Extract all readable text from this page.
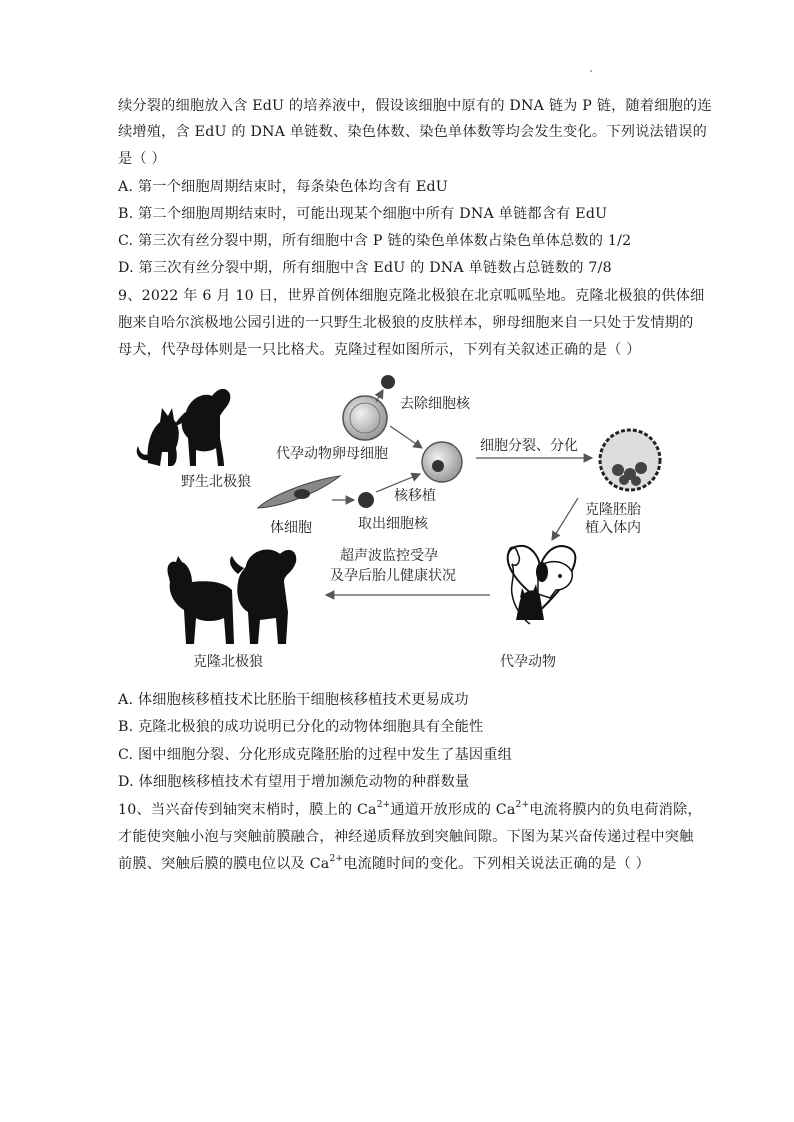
续分裂的细胞放入含 EdU 的培养液中，假设该细胞中原有的 DNA 链为 P 链，随着细胞的连
续增殖，含 EdU 的 DNA 单链数、染色体数、染色单体数等均会发生变化。下列说法错误的
是（ ）
A. 第一个细胞周期结束时，每条染色体均含有 EdU
B. 第二个细胞周期结束时，可能出现某个细胞中所有 DNA 单链都含有 EdU
C. 第三次有丝分裂中期，所有细胞中含 P 链的染色单体数占染色单体总数的 1/2
D. 第三次有丝分裂中期，所有细胞中含 EdU 的 DNA 单链数占总链数的 7/8
9、2022 年 6 月 10 日，世界首例体细胞克隆北极狼在北京呱呱坠地。克隆北极狼的供体细
胞来自哈尔滨极地公园引进的一只野生北极狼的皮肤样本，卵母细胞来自一只处于发情期的
母犬，代孕母体则是一只比格犬。克隆过程如图所示，下列有关叙述正确的是（ ）
野生北极狼
去除细胞核
代孕动物卵母细胞
体细胞	取出细胞核
核移植
细胞分裂、分化
克隆胚胎
植入体内
代孕动物
超声波监控受孕
及孕后胎儿健康状况
克隆北极狼
A. 体细胞核移植技术比胚胎干细胞核移植技术更易成功
B. 克隆北极狼的成功说明已分化的动物体细胞具有全能性
C. 图中细胞分裂、分化形成克隆胚胎的过程中发生了基因重组
D. 体细胞核移植技术有望用于增加濒危动物的种群数量
10、当兴奋传到轴突末梢时，膜上的 $Ca^{2+}$通道开放形成的 $Ca^{2+}$电流将膜内的负电荷消除，
才能使突触小泡与突触前膜融合，神经递质释放到突触间隙。下图为某兴奋传递过程中突触
前膜、突触后膜的膜电位以及 $Ca^{2+}$电流随时间的变化。下列相关说法正确的是（ ）
